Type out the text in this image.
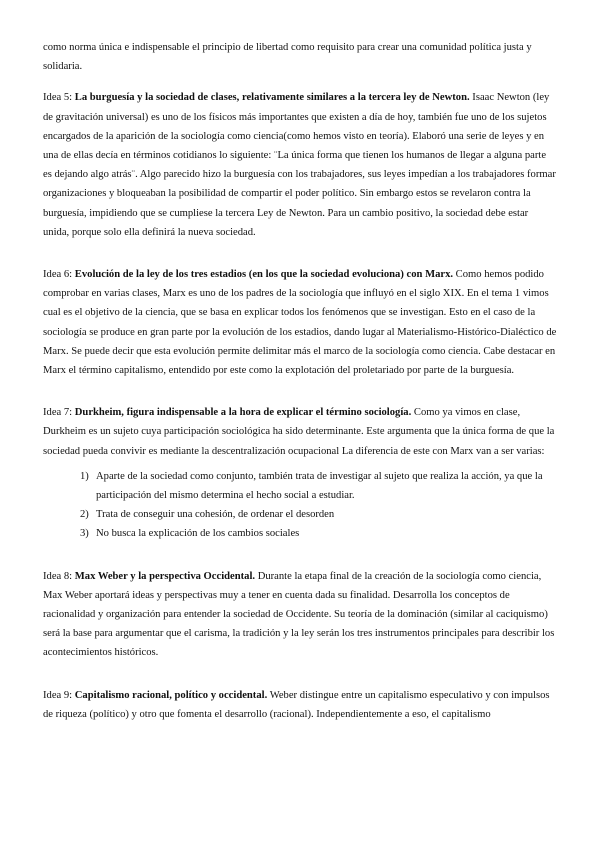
como norma única e indispensable el principio de libertad como requisito para crear una comunidad política justa y solidaria.

Idea 5: La burguesía y la sociedad de clases, relativamente similares a la tercera ley de Newton. Isaac Newton (ley de gravitación universal) es uno de los físicos más importantes que existen a día de hoy, también fue uno de los sujetos encargados de la aparición de la sociología como ciencia(como hemos visto en teoría). Elaboró una serie de leyes y en una de ellas decía en términos cotidianos lo siguiente: ¨La única forma que tienen los humanos de llegar a alguna parte es dejando algo atrás¨. Algo parecido hizo la burguesía con los trabajadores, sus leyes impedían a los trabajadores formar organizaciones y bloqueaban la posibilidad de compartir el poder político. Sin embargo estos se revelaron contra la burguesía, impidiendo que se cumpliese la tercera Ley de Newton. Para un cambio positivo, la sociedad debe estar unida, porque solo ella definirá la nueva sociedad.

Idea 6: Evolución de la ley de los tres estadios (en los que la sociedad evoluciona) con Marx. Como hemos podido comprobar en varias clases, Marx es uno de los padres de la sociología que influyó en el siglo XIX. En el tema 1 vimos cual es el objetivo de la ciencia, que se basa en explicar todos los fenómenos que se investigan. Esto en el caso de la sociología se produce en gran parte por la evolución de los estadios, dando lugar al Materialismo-Histórico-Dialéctico de Marx. Se puede decir que esta evolución permite delimitar más el marco de la sociología como ciencia. Cabe destacar en Marx el término capitalismo, entendido por este como la explotación del proletariado por parte de la burguesía.

Idea 7: Durkheim, figura indispensable a la hora de explicar el término sociología. Como ya vimos en clase, Durkheim es un sujeto cuya participación sociológica ha sido determinante. Este argumenta que la única forma de que la sociedad pueda convivir es mediante la descentralización ocupacional La diferencia de este con Marx van a ser varias:

1) Aparte de la sociedad como conjunto, también trata de investigar al sujeto que realiza la acción, ya que la participación del mismo determina el hecho social a estudiar.
2) Trata de conseguir una cohesión, de ordenar el desorden
3) No busca la explicación de los cambios sociales

Idea 8: Max Weber y la perspectiva Occidental. Durante la etapa final de la creación de la sociología como ciencia, Max Weber aportará ideas y perspectivas muy a tener en cuenta dada su finalidad. Desarrolla los conceptos de racionalidad y organización para entender la sociedad de Occidente. Su teoría de la dominación (similar al caciquismo) será la base para argumentar que el carisma, la tradición y la ley serán los tres instrumentos principales para describir los acontecimientos históricos.

Idea 9: Capitalismo racional, político y occidental. Weber distingue entre un capitalismo especulativo y con impulsos de riqueza (político) y otro que fomenta el desarrollo (racional). Independientemente a eso, el capitalismo
